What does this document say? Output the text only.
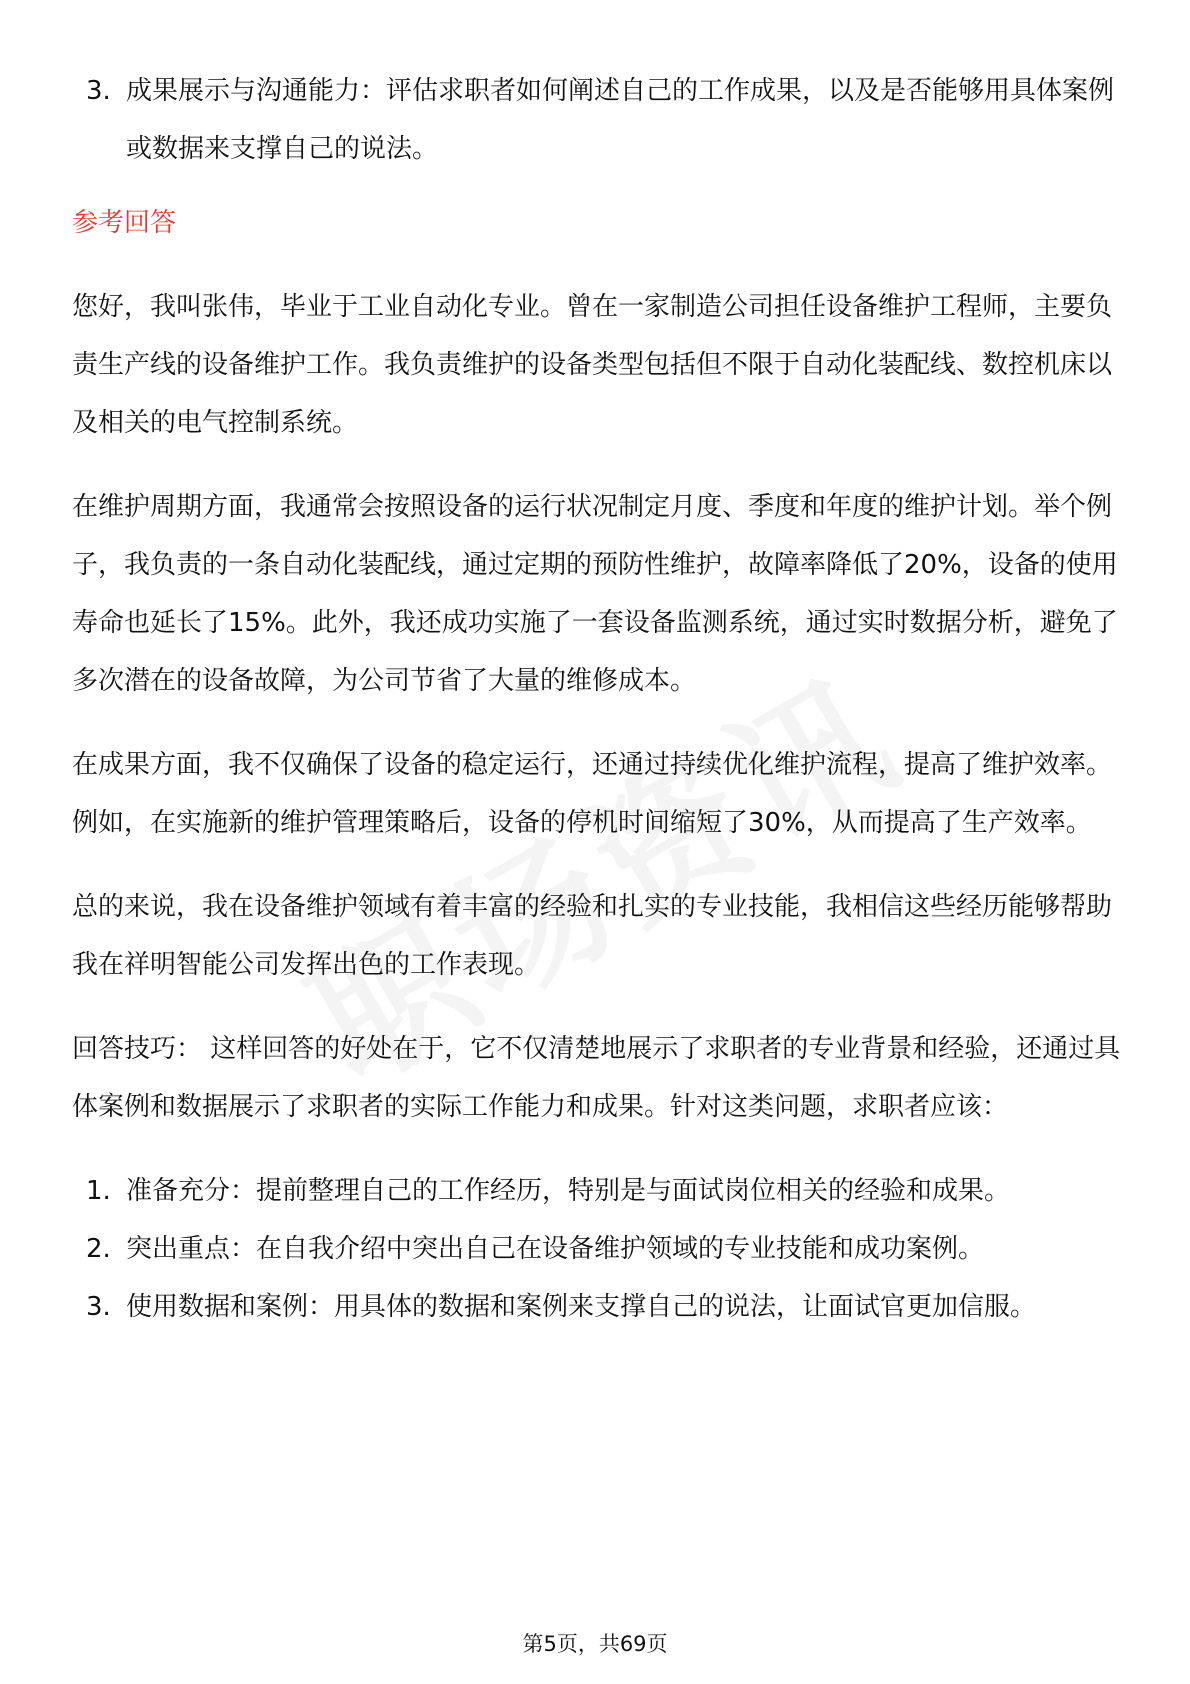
3. 成果展示与沟通能力：评估求职者如何阐述自己的工作成果，以及是否能够用具体案例或数据来支撑自己的说法。
参考回答

您好，我叫张伟，毕业于工业自动化专业。曾在一家制造公司担任设备维护工程师，主要负责生产线的设备维护工作。我负责维护的设备类型包括但不限于自动化装配线、数控机床以及相关的电气控制系统。

在维护周期方面，我通常会按照设备的运行状况制定月度、季度和年度的维护计划。举个例子，我负责的一条自动化装配线，通过定期的预防性维护，故障率降低了20%，设备的使用寿命也延长了15%。此外，我还成功实施了一套设备监测系统，通过实时数据分析，避免了多次潜在的设备故障，为公司节省了大量的维修成本。

在成果方面，我不仅确保了设备的稳定运行，还通过持续优化维护流程，提高了维护效率。例如，在实施新的维护管理策略后，设备的停机时间缩短了30%，从而提高了生产效率。

总的来说，我在设备维护领域有着丰富的经验和扎实的专业技能，我相信这些经历能够帮助我在祥明智能公司发挥出色的工作表现。

回答技巧： 这样回答的好处在于，它不仅清楚地展示了求职者的专业背景和经验，还通过具体案例和数据展示了求职者的实际工作能力和成果。针对这类问题，求职者应该：

1. 准备充分：提前整理自己的工作经历，特别是与面试岗位相关的经验和成果。
2. 突出重点：在自我介绍中突出自己在设备维护领域的专业技能和成功案例。
3. 使用数据和案例：用具体的数据和案例来支撑自己的说法，让面试官更加信服。
第5页，共69页
